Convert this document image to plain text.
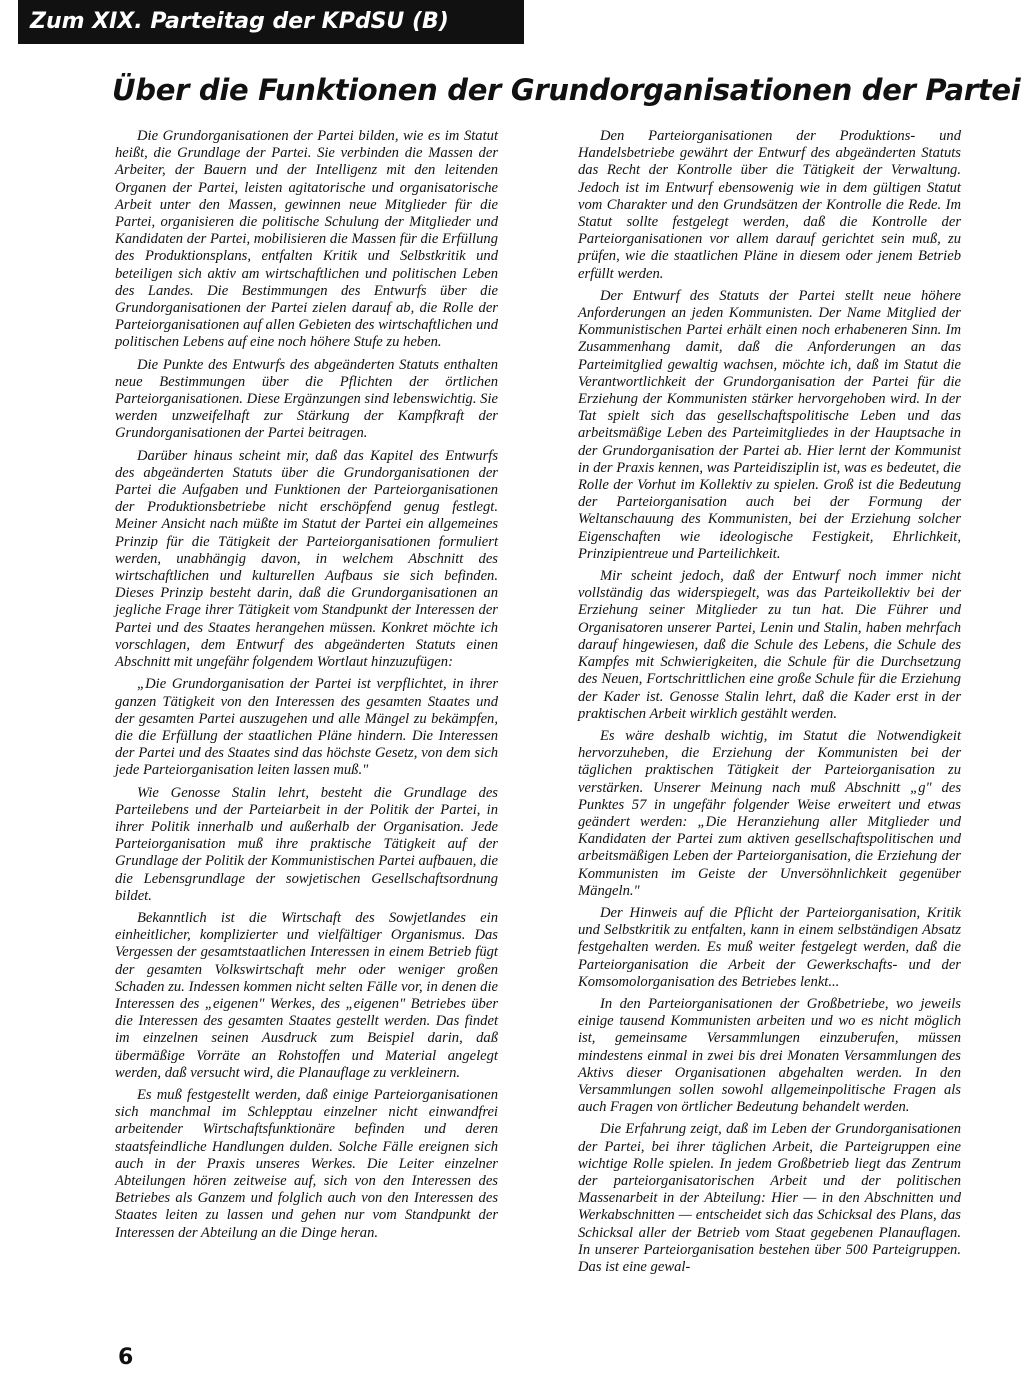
Zum XIX. Parteitag der KPdSU (B)
Über die Funktionen der Grundorganisationen der Partei

Die Grundorganisationen der Partei bilden, wie es im Statut heißt, die Grundlage der Partei. Sie verbinden die Massen der Arbeiter, der Bauern und der Intelligenz mit den leitenden Organen der Partei, leisten agitatorische und organisatorische Arbeit unter den Massen, gewinnen neue Mitglieder für die Partei, organisieren die politische Schulung der Mitglieder und Kandidaten der Partei, mobilisieren die Massen für die Erfüllung des Produktionsplans, entfalten Kritik und Selbstkritik und beteiligen sich aktiv am wirtschaftlichen und politischen Leben des Landes. Die Bestimmungen des Entwurfs über die Grundorganisationen der Partei zielen darauf ab, die Rolle der Parteiorganisationen auf allen Gebieten des wirtschaftlichen und politischen Lebens auf eine noch höhere Stufe zu heben.

Die Punkte des Entwurfs des abgeänderten Statuts enthalten neue Bestimmungen über die Pflichten der örtlichen Parteiorganisationen. Diese Ergänzungen sind lebenswichtig. Sie werden unzweifelhaft zur Stärkung der Kampfkraft der Grundorganisationen der Partei beitragen.

Darüber hinaus scheint mir, daß das Kapitel des Entwurfs des abgeänderten Statuts über die Grundorganisationen der Partei die Aufgaben und Funktionen der Parteiorganisationen der Produktionsbetriebe nicht erschöpfend genug festlegt. Meiner Ansicht nach müßte im Statut der Partei ein allgemeines Prinzip für die Tätigkeit der Parteiorganisationen formuliert werden, unabhängig davon, in welchem Abschnitt des wirtschaftlichen und kulturellen Aufbaus sie sich befinden. Dieses Prinzip besteht darin, daß die Grundorganisationen an jegliche Frage ihrer Tätigkeit vom Standpunkt der Interessen der Partei und des Staates herangehen müssen. Konkret möchte ich vorschlagen, dem Entwurf des abgeänderten Statuts einen Abschnitt mit ungefähr folgendem Wortlaut hinzuzufügen:

„Die Grundorganisation der Partei ist verpflichtet, in ihrer ganzen Tätigkeit von den Interessen des gesamten Staates und der gesamten Partei auszugehen und alle Mängel zu bekämpfen, die die Erfüllung der staatlichen Pläne hindern. Die Interessen der Partei und des Staates sind das höchste Gesetz, von dem sich jede Parteiorganisation leiten lassen muß."

Wie Genosse Stalin lehrt, besteht die Grundlage des Parteilebens und der Parteiarbeit in der Politik der Partei, in ihrer Politik innerhalb und außerhalb der Organisation. Jede Parteiorganisation muß ihre praktische Tätigkeit auf der Grundlage der Politik der Kommunistischen Partei aufbauen, die die Lebensgrundlage der sowjetischen Gesellschaftsordnung bildet.

Bekanntlich ist die Wirtschaft des Sowjetlandes ein einheitlicher, komplizierter und vielfältiger Organismus. Das Vergessen der gesamtstaatlichen Interessen in einem Betrieb fügt der gesamten Volkswirtschaft mehr oder weniger großen Schaden zu. Indessen kommen nicht selten Fälle vor, in denen die Interessen des „eigenen" Werkes, des „eigenen" Betriebes über die Interessen des gesamten Staates gestellt werden. Das findet im einzelnen seinen Ausdruck zum Beispiel darin, daß übermäßige Vorräte an Rohstoffen und Material angelegt werden, daß versucht wird, die Planauflage zu verkleinern.

Es muß festgestellt werden, daß einige Parteiorganisationen sich manchmal im Schlepptau einzelner nicht einwandfrei arbeitender Wirtschaftsfunktionäre befinden und deren staatsfeindliche Handlungen dulden. Solche Fälle ereignen sich auch in der Praxis unseres Werkes. Die Leiter einzelner Abteilungen hören zeitweise auf, sich von den Interessen des Betriebes als Ganzem und folglich auch von den Interessen des Staates leiten zu lassen und gehen nur vom Standpunkt der Interessen der Abteilung an die Dinge heran.

Den Parteiorganisationen der Produktions- und Handelsbetriebe gewährt der Entwurf des abgeänderten Statuts das Recht der Kontrolle über die Tätigkeit der Verwaltung. Jedoch ist im Entwurf ebensowenig wie in dem gültigen Statut vom Charakter und den Grundsätzen der Kontrolle die Rede. Im Statut sollte festgelegt werden, daß die Kontrolle der Parteiorganisationen vor allem darauf gerichtet sein muß, zu prüfen, wie die staatlichen Pläne in diesem oder jenem Betrieb erfüllt werden.

Der Entwurf des Statuts der Partei stellt neue höhere Anforderungen an jeden Kommunisten. Der Name Mitglied der Kommunistischen Partei erhält einen noch erhabeneren Sinn. Im Zusammenhang damit, daß die Anforderungen an das Parteimitglied gewaltig wachsen, möchte ich, daß im Statut die Verantwortlichkeit der Grundorganisation der Partei für die Erziehung der Kommunisten stärker hervorgehoben wird. In der Tat spielt sich das gesellschaftspolitische Leben und das arbeitsmäßige Leben des Parteimitgliedes in der Hauptsache in der Grundorganisation der Partei ab. Hier lernt der Kommunist in der Praxis kennen, was Parteidisziplin ist, was es bedeutet, die Rolle der Vorhut im Kollektiv zu spielen. Groß ist die Bedeutung der Parteiorganisation auch bei der Formung der Weltanschauung des Kommunisten, bei der Erziehung solcher Eigenschaften wie ideologische Festigkeit, Ehrlichkeit, Prinzipientreue und Parteilichkeit.

Mir scheint jedoch, daß der Entwurf noch immer nicht vollständig das widerspiegelt, was das Parteikollektiv bei der Erziehung seiner Mitglieder zu tun hat. Die Führer und Organisatoren unserer Partei, Lenin und Stalin, haben mehrfach darauf hingewiesen, daß die Schule des Lebens, die Schule des Kampfes mit Schwierigkeiten, die Schule für die Durchsetzung des Neuen, Fortschrittlichen eine große Schule für die Erziehung der Kader ist. Genosse Stalin lehrt, daß die Kader erst in der praktischen Arbeit wirklich gestählt werden.

Es wäre deshalb wichtig, im Statut die Notwendigkeit hervorzuheben, die Erziehung der Kommunisten bei der täglichen praktischen Tätigkeit der Parteiorganisation zu verstärken. Unserer Meinung nach muß Abschnitt „g" des Punktes 57 in ungefähr folgender Weise erweitert und etwas geändert werden: „Die Heranziehung aller Mitglieder und Kandidaten der Partei zum aktiven gesellschaftspolitischen und arbeitsmäßigen Leben der Parteiorganisation, die Erziehung der Kommunisten im Geiste der Unversöhnlichkeit gegenüber Mängeln."

Der Hinweis auf die Pflicht der Parteiorganisation, Kritik und Selbstkritik zu entfalten, kann in einem selbständigen Absatz festgehalten werden. Es muß weiter festgelegt werden, daß die Parteiorganisation die Arbeit der Gewerkschafts- und der Komsomolorganisation des Betriebes lenkt...

In den Parteiorganisationen der Großbetriebe, wo jeweils einige tausend Kommunisten arbeiten und wo es nicht möglich ist, gemeinsame Versammlungen einzuberufen, müssen mindestens einmal in zwei bis drei Monaten Versammlungen des Aktivs dieser Organisationen abgehalten werden. In den Versammlungen sollen sowohl allgemeinpolitische Fragen als auch Fragen von örtlicher Bedeutung behandelt werden.

Die Erfahrung zeigt, daß im Leben der Grundorganisationen der Partei, bei ihrer täglichen Arbeit, die Parteigruppen eine wichtige Rolle spielen. In jedem Großbetrieb liegt das Zentrum der parteiorganisatorischen Arbeit und der politischen Massenarbeit in der Abteilung: Hier — in den Abschnitten und Werkabschnitten — entscheidet sich das Schicksal des Plans, das Schicksal aller der Betrieb vom Staat gegebenen Planauflagen. In unserer Parteiorganisation bestehen über 500 Parteigruppen. Das ist eine gewal-

6
